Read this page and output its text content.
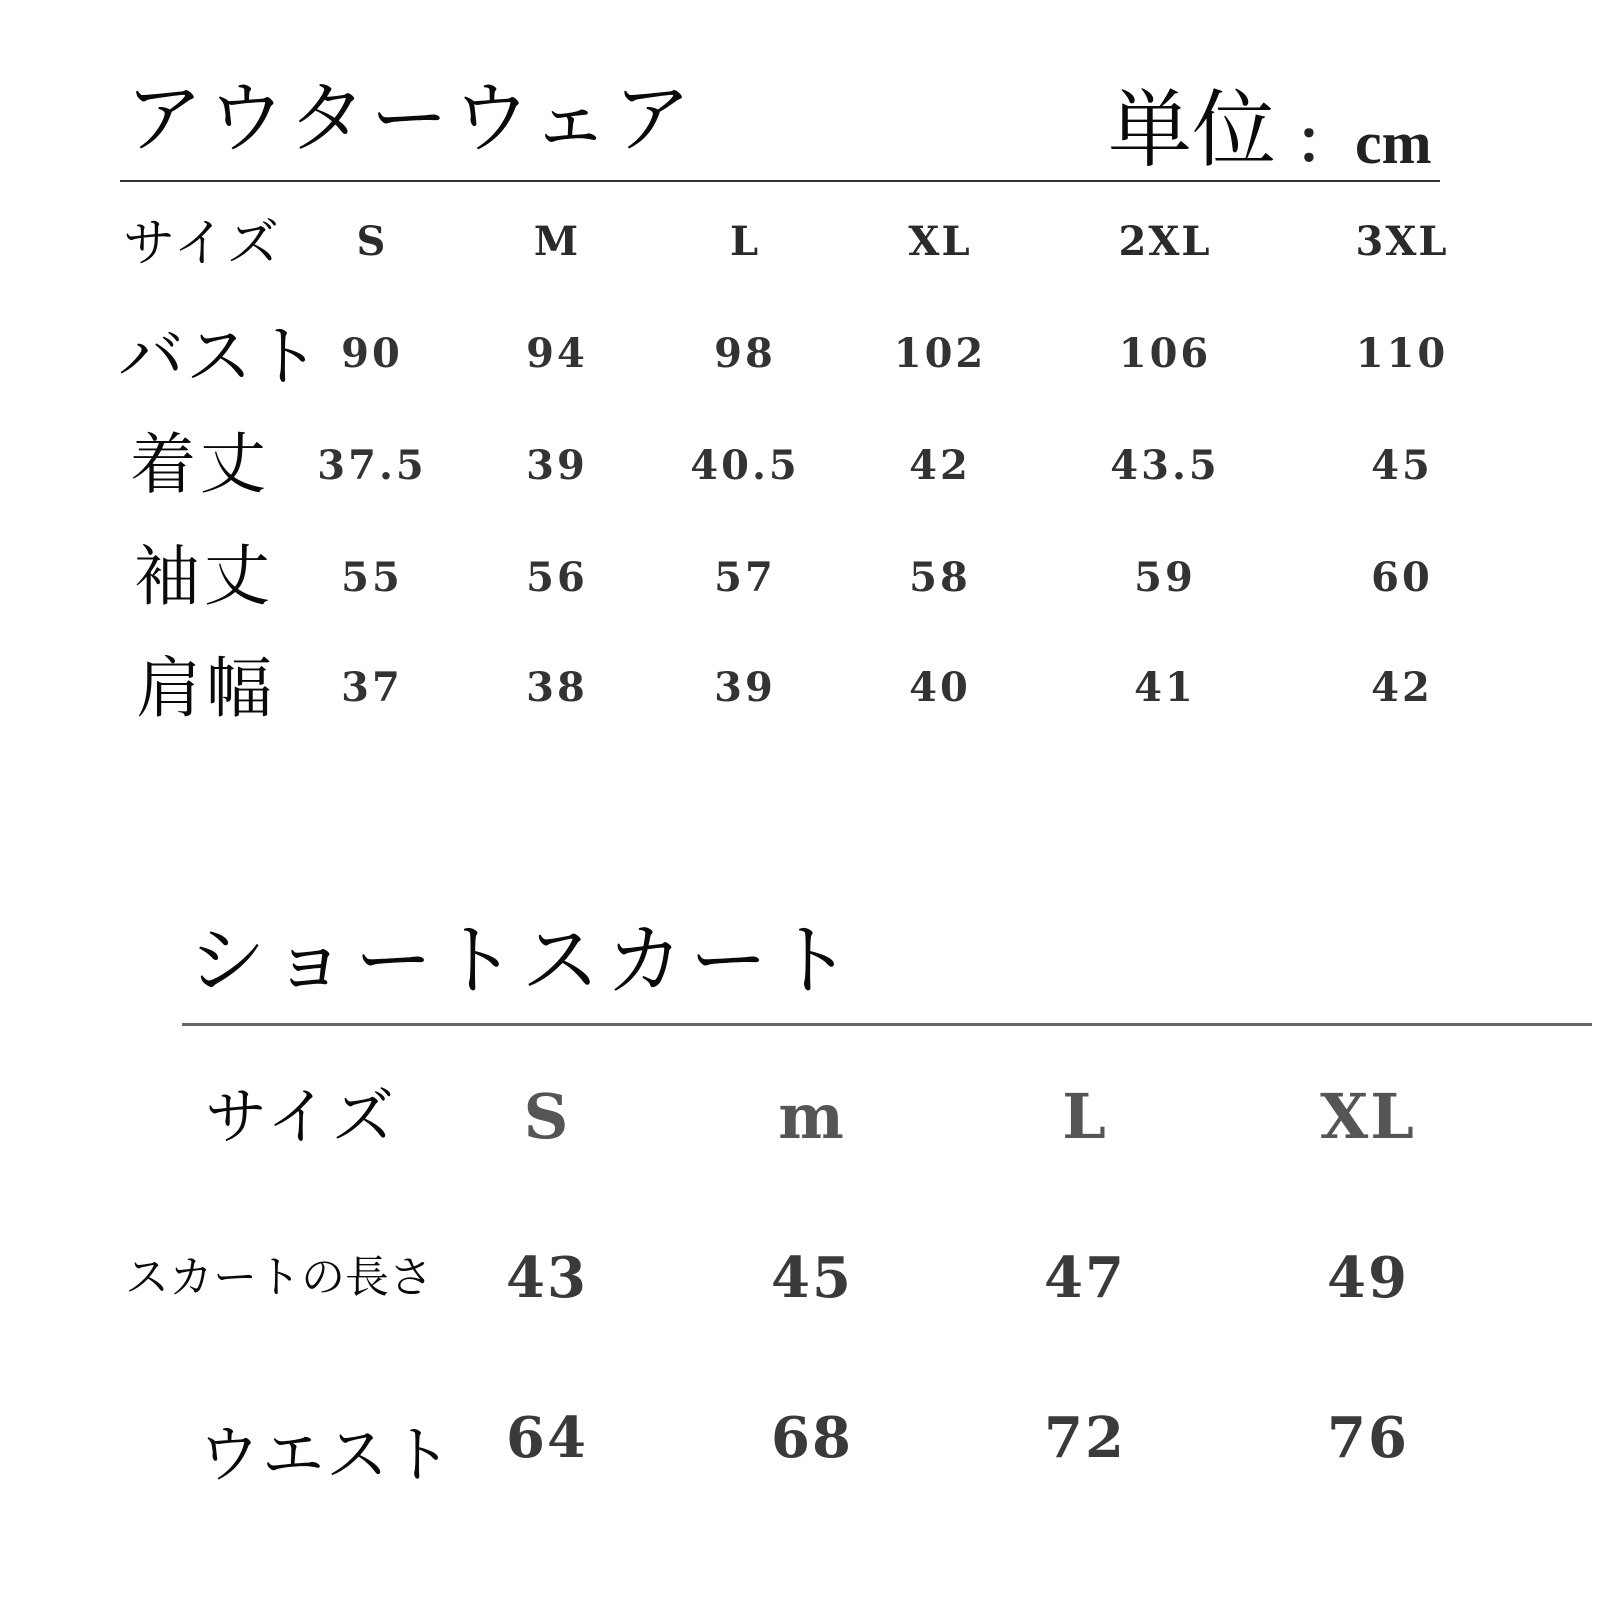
アウターウェア	単位 ：cm
サイズ	S	M	L	XL	2XL	3XL
バスト 90	94	98	102	106	110
着丈	37.5	39	40.5	42	43.5	45
袖丈	55	56	57	58	59	60
肩幅	37	38	39	40	41	42
ショートスカート
サイズ	S	m	L	XL
スカートの長さ	43	45	47	49
ウエスト 64	68	72	76
